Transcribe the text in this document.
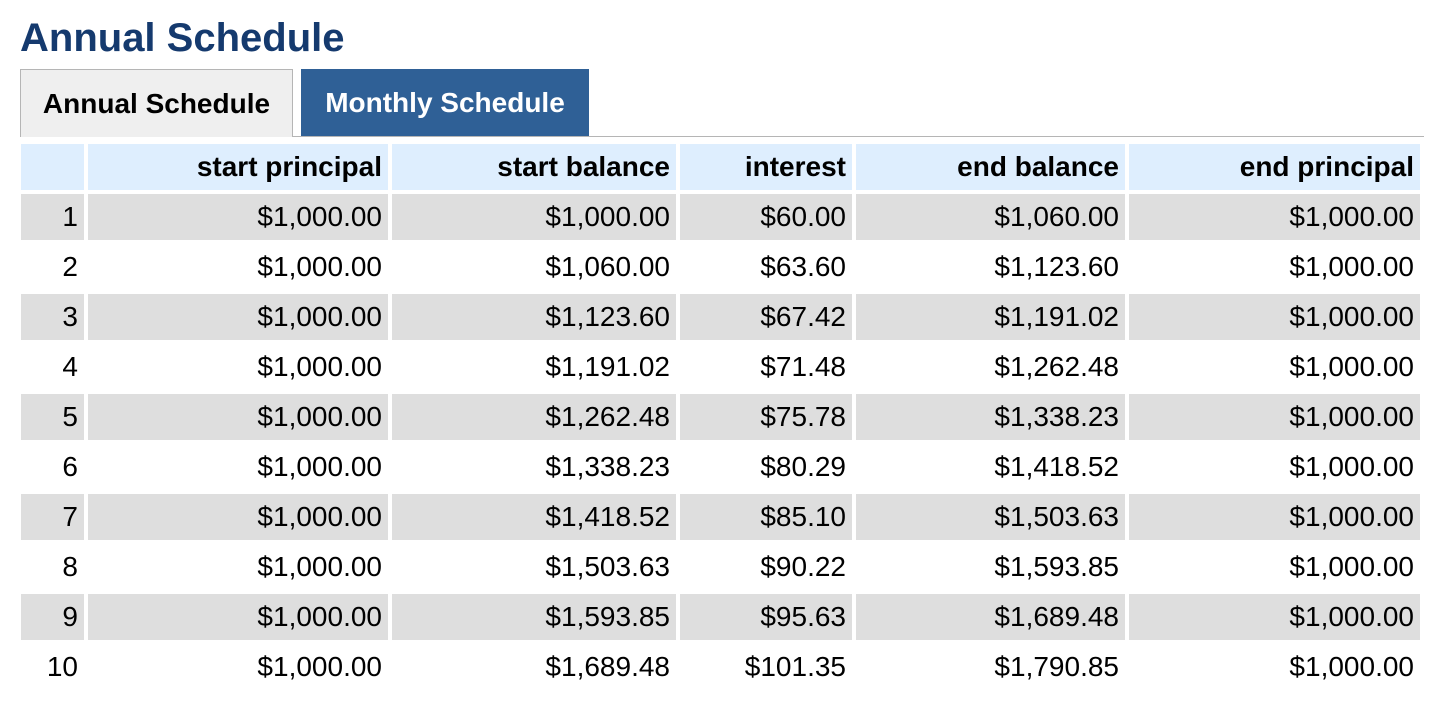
Annual Schedule
Annual Schedule	Monthly Schedule
	start principal	start balance	interest	end balance	end principal
1	$1,000.00	$1,000.00	$60.00	$1,060.00	$1,000.00
2	$1,000.00	$1,060.00	$63.60	$1,123.60	$1,000.00
3	$1,000.00	$1,123.60	$67.42	$1,191.02	$1,000.00
4	$1,000.00	$1,191.02	$71.48	$1,262.48	$1,000.00
5	$1,000.00	$1,262.48	$75.78	$1,338.23	$1,000.00
6	$1,000.00	$1,338.23	$80.29	$1,418.52	$1,000.00
7	$1,000.00	$1,418.52	$85.10	$1,503.63	$1,000.00
8	$1,000.00	$1,503.63	$90.22	$1,593.85	$1,000.00
9	$1,000.00	$1,593.85	$95.63	$1,689.48	$1,000.00
10	$1,000.00	$1,689.48	$101.35	$1,790.85	$1,000.00
